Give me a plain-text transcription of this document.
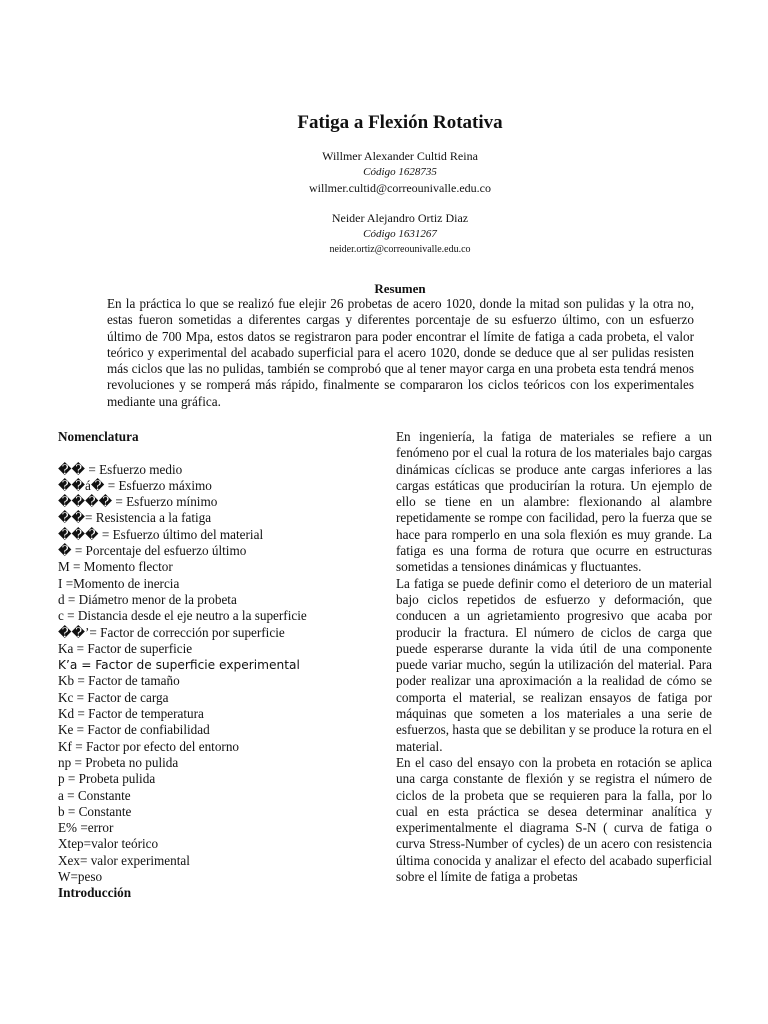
Fatiga a Flexión Rotativa
Willmer Alexander Cultid Reina
Código 1628735
willmer.cultid@correounivalle.edu.co
Neider Alejandro Ortiz Diaz
Código 1631267
neider.ortiz@correounivalle.edu.co
Resumen

En la práctica lo que se realizó fue elejir 26 probetas de acero 1020, donde la mitad son pulidas y la otra no, estas fueron sometidas a diferentes cargas y diferentes porcentaje de su esfuerzo último, con un esfuerzo último de 700 Mpa, estos datos se registraron para poder encontrar el límite de fatiga a cada probeta, el valor teórico y experimental del acabado superficial para el acero 1020, donde se deduce que al ser pulidas resisten más ciclos que las no pulidas, también se comprobó que al tener mayor carga en una probeta esta tendrá menos revoluciones y se romperá más rápido, finalmente se compararon los ciclos teóricos con los experimentales mediante una gráfica.

Nomenclatura
�� = Esfuerzo medio
��á� = Esfuerzo máximo
���� = Esfuerzo mínimo
��= Resistencia a la fatiga
��� = Esfuerzo último del material
� = Porcentaje del esfuerzo último
M = Momento flector
I =Momento de inercia
d = Diámetro menor de la probeta
c = Distancia desde el eje neutro a la superficie
��’= Factor de corrección por superficie
Ka = Factor de superficie
K’a = Factor de superficie experimental
Kb = Factor de tamaño
Kc = Factor de carga
Kd = Factor de temperatura
Ke = Factor de confiabilidad
Kf = Factor por efecto del entorno
np = Probeta no pulida
p = Probeta pulida
a = Constante
b = Constante
E% =error
Xtep=valor teórico
Xex= valor experimental
W=peso
Introducción

En ingeniería, la fatiga de materiales se refiere a un fenómeno por el cual la rotura de los materiales bajo cargas dinámicas cíclicas se produce ante cargas inferiores a las cargas estáticas que producirían la rotura. Un ejemplo de ello se tiene en un alambre: flexionando al alambre repetidamente se rompe con facilidad, pero la fuerza que se hace para romperlo en una sola flexión es muy grande. La fatiga es una forma de rotura que ocurre en estructuras sometidas a tensiones dinámicas y fluctuantes.

La fatiga se puede definir como el deterioro de un material bajo ciclos repetidos de esfuerzo y deformación, que conducen a un agrietamiento progresivo que acaba por producir la fractura. El número de ciclos de carga que puede esperarse durante la vida útil de una componente puede variar mucho, según la utilización del material. Para poder realizar una aproximación a la realidad de cómo se comporta el material, se realizan ensayos de fatiga por máquinas que someten a los materiales a una serie de esfuerzos, hasta que se debilitan y se produce la rotura en el material.

En el caso del ensayo con la probeta en rotación se aplica una carga constante de flexión y se registra el número de ciclos de la probeta que se requieren para la falla, por lo cual en esta práctica se desea determinar analítica y experimentalmente el diagrama S-N ( curva de fatiga o curva Stress-Number of cycles) de un acero con resistencia última conocida y analizar el efecto del acabado superficial sobre el límite de fatiga a probetas
